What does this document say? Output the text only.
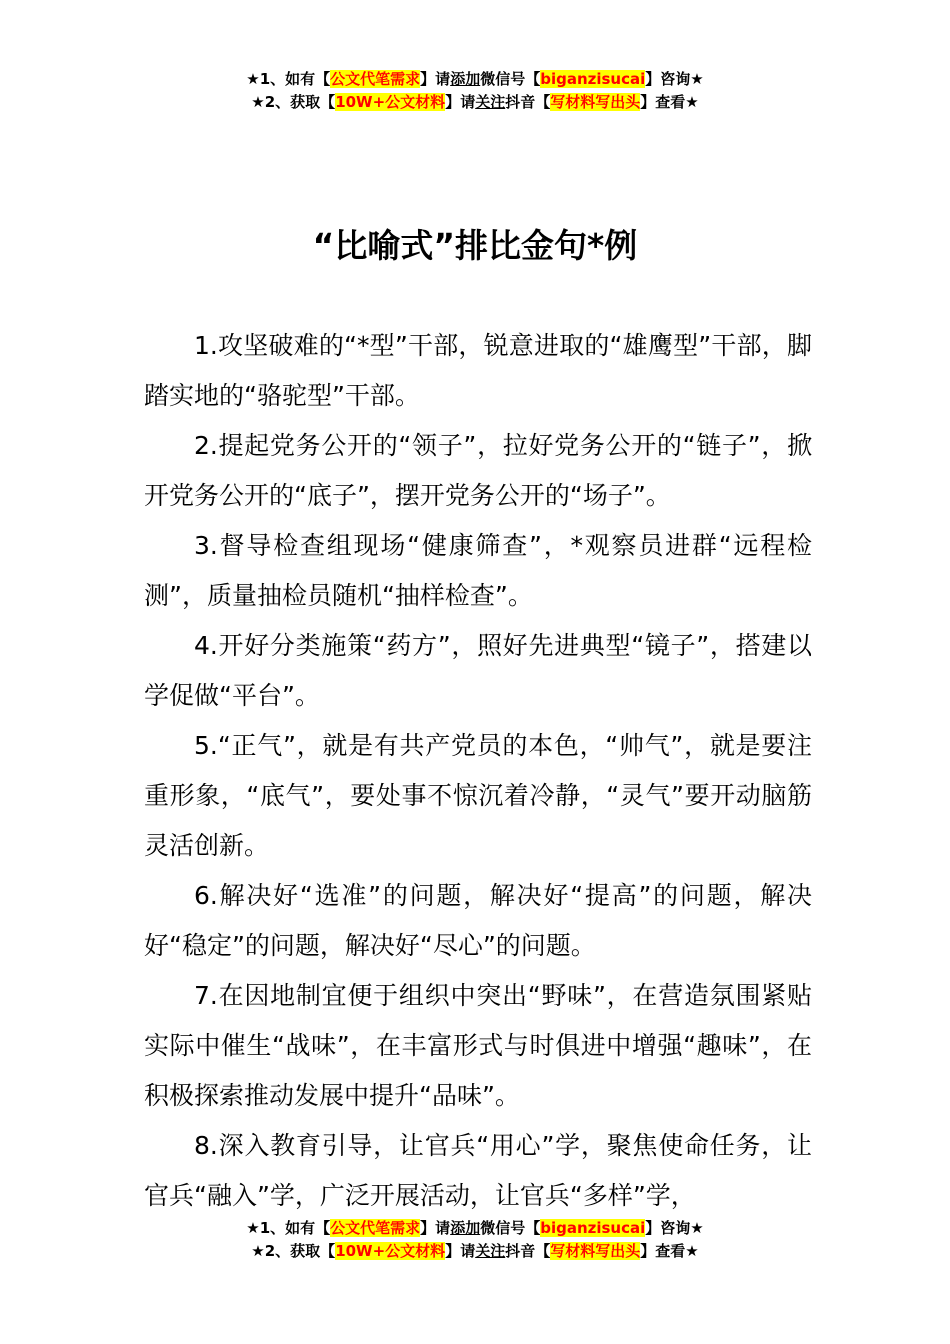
★1、如有【公文代笔需求】请添加微信号【biganzisucai】咨询★
★2、获取【10W+公文材料】请关注抖音【写材料写出头】查看★
“比喻式”排比金句*例

1.攻坚破难的“*型”干部，锐意进取的“雄鹰型”干部，脚踏实地的“骆驼型”干部。

2.提起党务公开的“领子”，拉好党务公开的“链子”，掀开党务公开的“底子”，摆开党务公开的“场子”。

3.督导检查组现场“健康筛查”，*观察员进群“远程检测”，质量抽检员随机“抽样检查”。

4.开好分类施策“药方”，照好先进典型“镜子”，搭建以学促做“平台”。

5.“正气”，就是有共产党员的本色，“帅气”，就是要注重形象，“底气”，要处事不惊沉着冷静，“灵气”要开动脑筋灵活创新。

6.解决好“选准”的问题，解决好“提高”的问题，解决好“稳定”的问题，解决好“尽心”的问题。

7.在因地制宜便于组织中突出“野味”，在营造氛围紧贴实际中催生“战味”，在丰富形式与时俱进中增强“趣味”，在积极探索推动发展中提升“品味”。

8.深入教育引导，让官兵“用心”学，聚焦使命任务，让官兵“融入”学，广泛开展活动，让官兵“多样”学，

★1、如有【公文代笔需求】请添加微信号【biganzisucai】咨询★
★2、获取【10W+公文材料】请关注抖音【写材料写出头】查看★
